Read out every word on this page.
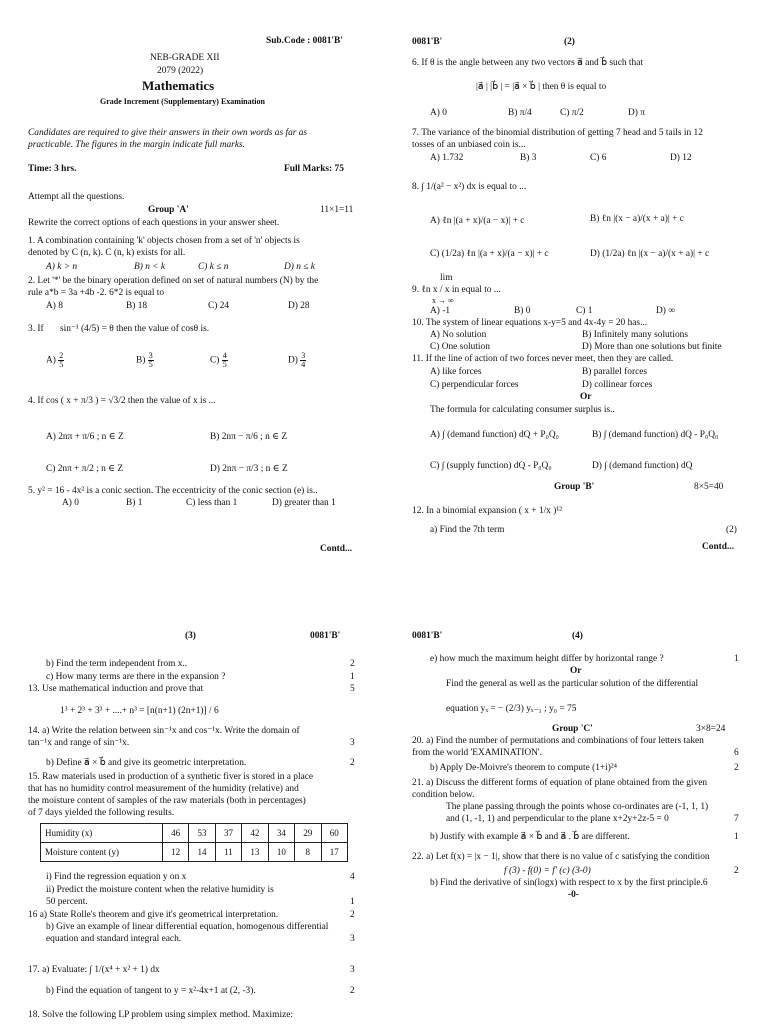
Sub.Code : 0081'B'
NEB-GRADE XII
2079 (2022)
Mathematics
Grade Increment (Supplementary) Examination
Candidates are required to give their answers in their own words as far as
practicable. The figures in the margin indicate full marks.
Time: 3 hrs.	Full Marks: 75
Attempt all the questions.
Group 'A'	11×1=11
Rewrite the correct options of each questions in your answer sheet.
1. A combination containing 'k' objects chosen from a set of 'n' objects is
denoted by C (n, k). C (n, k) exists for all.
A) k > n	B) n < k	C) k ≤ n	D) n ≤ k
2. Let '*' be the binary operation defined on set of natural numbers (N) by the
rule a*b = 3a +4b -2. 6*2 is equal to
A) 8	B) 18	C) 24	D) 28
3. If sin⁻¹ (4/5) = θ then the value of cosθ is.
$A) \frac{2}{5}$	$B) \frac{3}{5}$	$C) \frac{4}{5}$	$D) \frac{3}{4}$
4. If cos ( x + π/3 ) = √3/2 then the value of x is ...
A) 2nπ + π/6 ; n ∈ Z	B) 2nπ − π/6 ; n ∈ Z
C) 2nπ + π/2 ; n ∈ Z	D) 2nπ − π/3 ; n ∈ Z
5. y² = 16 - 4x² is a conic section. The eccentricity of the conic section (e) is..
A) 0	B) 1	C) less than 1	D) greater than 1
Contd...
0081'B'	(2)
6. If θ is the angle between any two vectors a⃗ and b⃗ such that
|a⃗ | |b⃗ | = |a⃗ × b⃗ | then θ is equal to
A) 0	B) π/4	C) π/2	D) π
7. The variance of the binomial distribution of getting 7 head and 5 tails in 12
tosses of an unbiased coin is...
A) 1.732	B) 3	C) 6	D) 12
8. ∫ 1/(a² − x²) dx is equal to ...
A) ℓn |(a + x)/(a − x)| + c	B) ℓn |(x − a)/(x + a)| + c
C) (1/2a) ℓn |(a + x)/(a − x)| + c	D) (1/2a) ℓn |(x − a)/(x + a)| + c
lim
9. ℓn x / x in equal to ...
x → ∞
A) -1	B) 0	C) 1	D) ∞
10. The system of linear equations x-y=5 and 4x-4y = 20 has...
A) No solution	B) Infinitely many solutions
C) One solution	D) More than one solutions but finite
11. If the line of action of two forces never meet, then they are called.
A) like forces	B) parallel forces
C) perpendicular forces	D) collinear forces
Or
The formula for calculating consumer surplus is..
A) ∫ (demand function) dQ + P₀Q₀	B) ∫ (demand function) dQ - P₀Q₀
C) ∫ (supply function) dQ - P₀Q₀	D) ∫ (demand function) dQ
Group 'B'	8×5=40
12. In a binomial expansion ( x + 1/x )¹²
a) Find the 7th term	(2)
Contd...
(3)	0081'B'
b) Find the term independent from x..	2
c) How many terms are there in the expansion ?	1
13. Use mathematical induction and prove that	5
1³ + 2³ + 3³ + ....+ n³ = [n(n+1) (2n+1)] / 6
14. a) Write the relation between sin⁻¹x and cos⁻¹x. Write the domain of
tan⁻¹x and range of sin⁻¹x.	3
b) Define a⃗ × b⃗ and give its geometric interpretation.	2
15. Raw materials used in production of a synthetic fiver is stored in a place
that has no humidity control measurement of the humidity (relative) and
the moisture content of samples of the raw materials (both in percentages)
of 7 days yielded the following results.
Humidity (x)	46	53	37	42	34	29	60
Moisture content (y)	12	14	11	13	10	8	17
i) Find the regression equation y on x	4
ii) Predict the moisture content when the relative humidity is
50 percent.	1
16 a) State Rolle's theorem and give it's geometrical interpretation.	2
b) Give an example of linear differential equation, homogenous differential
equation and standard integral each.	3
17. a) Evaluate: ∫ 1/(x⁴ + x² + 1) dx	3
b) Find the equation of tangent to y = x²-4x+1 at (2, -3).	2
18. Solve the following LP problem using simplex method. Maximize:
0081'B'	(4)
e) how much the maximum height differ by horizontal range ?	1
Or
Find the general as well as the particular solution of the differential
equation yₓ = − (2/3) yₓ₋₁ ; y₀ = 75
Group 'C'	3×8=24
20. a) Find the number of permutations and combinations of four letters taken
from the world 'EXAMINATION'.	6
b) Apply De-Moivre's theorem to compute (1+i)²⁴	2
21. a) Discuss the different forms of equation of plane obtained from the given
condition below.
The plane passing through the points whose co-ordinates are (-1, 1, 1)
and (1, -1, 1) and perpendicular to the plane x+2y+2z-5 = 0	7
b) Justify with example a⃗ × b⃗ and a⃗ . b⃗ are different.	1
22. a) Let f(x) = |x − 1|, show that there is no value of c satisfying the condition
f (3) - f(0) = f′ (c) (3-0)	2
b) Find the derivative of sin(logx) with respect to x by the first principle.6
-0-
